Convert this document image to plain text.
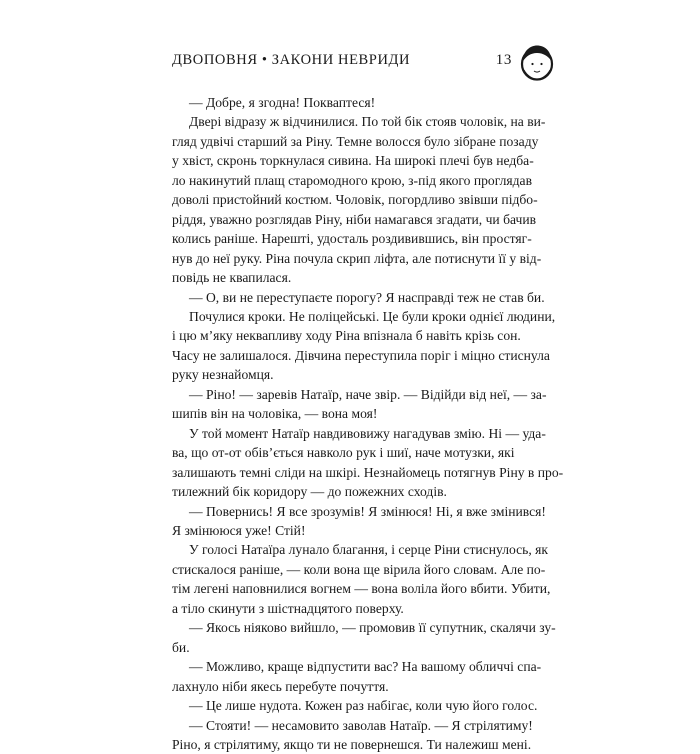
ДВОПОВНЯ • ЗАКОНИ НЕВРИДИ	13

— Добре, я згодна! Покваптеся!

Двері відразу ж відчинилися. По той бік стояв чоловік, на ви-
гляд удвічі старший за Ріну. Темне волосся було зібране позаду
у хвіст, скронь торкнулася сивина. На широкі плечі був недба-
ло накинутий плащ старомодного крою, з-під якого проглядав
доволі пристойний костюм. Чоловік, погордливо звівши підбо-
ріддя, уважно розглядав Ріну, ніби намагався згадати, чи бачив
колись раніше. Нарешті, удосталь роздивившись, він простяг-
нув до неї руку. Ріна почула скрип ліфта, але потиснути її у від-
повідь не квапилася.

— О, ви не переступаєте порогу? Я насправді теж не став би.

Почулися кроки. Не поліцейські. Це були кроки однієї людини,
і цю м’яку неквапливу ходу Ріна впізнала б навіть крізь сон.
Часу не залишалося. Дівчина переступила поріг і міцно стиснула
руку незнайомця.

— Ріно! — заревів Натаїр, наче звір. — Відійди від неї, — за-
шипів він на чоловіка, — вона моя!

У той момент Натаїр навдивовижу нагадував змію. Ні — уда-
ва, що от-от обів’ється навколо рук і шиї, наче мотузки, які
залишають темні сліди на шкірі. Незнайомець потягнув Ріну в про-
тилежний бік коридору — до пожежних сходів.

— Повернись! Я все зрозумів! Я змінюся! Ні, я вже змінився!
Я змінююся уже! Стій!

У голосі Натаїра лунало благання, і серце Ріни стиснулось, як
стискалося раніше, — коли вона ще вірила його словам. Але по-
тім легені наповнилися вогнем — вона воліла його вбити. Убити,
а тіло скинути з шістнадцятого поверху.

— Якось ніяково вийшло, — промовив її супутник, скалячи зу-
би.

— Можливо, краще відпустити вас? На вашому обличчі спа-
лахнуло ніби якесь перебуте почуття.

— Це лише нудота. Кожен раз набігає, коли чую його голос.

— Стояти! — несамовито заволав Натаїр. — Я стрілятиму!
Ріно, я стрілятиму, якщо ти не повернешся. Ти належиш мені.
